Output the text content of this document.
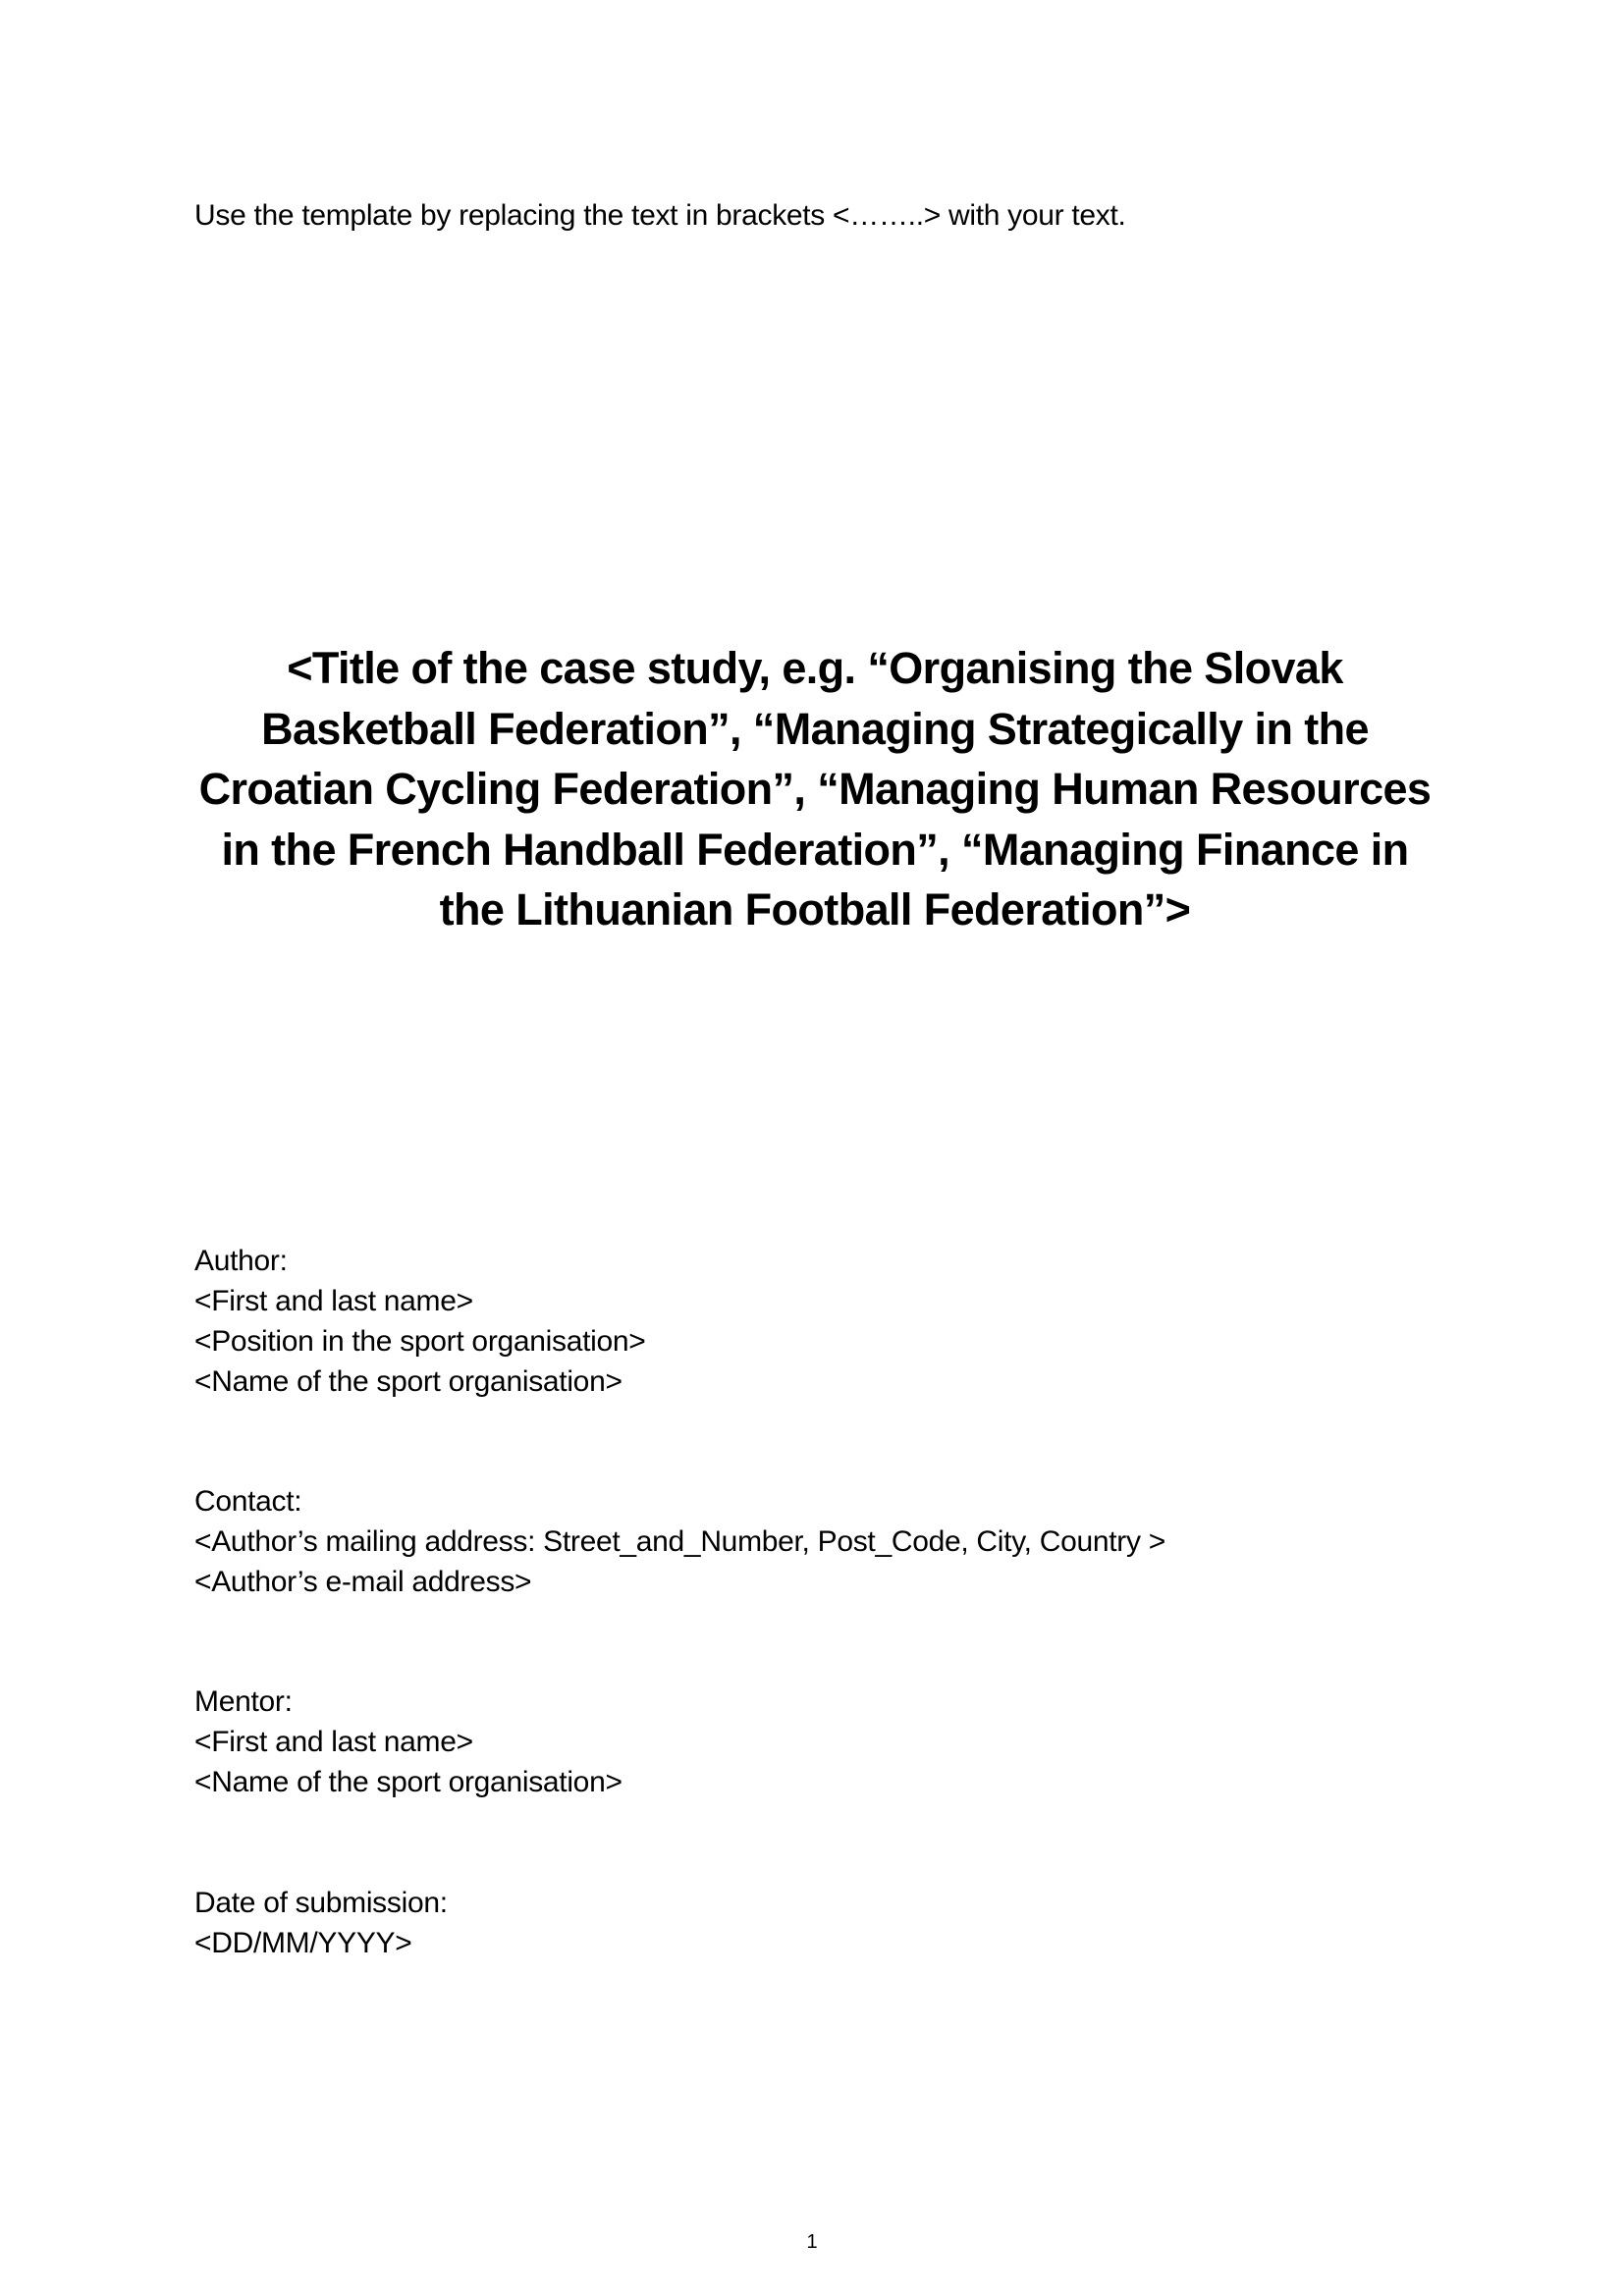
Use the template by replacing the text in brackets <……..> with your text.
<Title of the case study, e.g. “Organising the Slovak
Basketball Federation”, “Managing Strategically in the
Croatian Cycling Federation”, “Managing Human Resources
in the French Handball Federation”, “Managing Finance in
the Lithuanian Football Federation”>
Author:
<First and last name>
<Position in the sport organisation>
<Name of the sport organisation>
Contact:
<Author’s mailing address: Street_and_Number, Post_Code, City, Country >
<Author’s e-mail address>
Mentor:
<First and last name>
<Name of the sport organisation>
Date of submission:
<DD/MM/YYYY>
1
